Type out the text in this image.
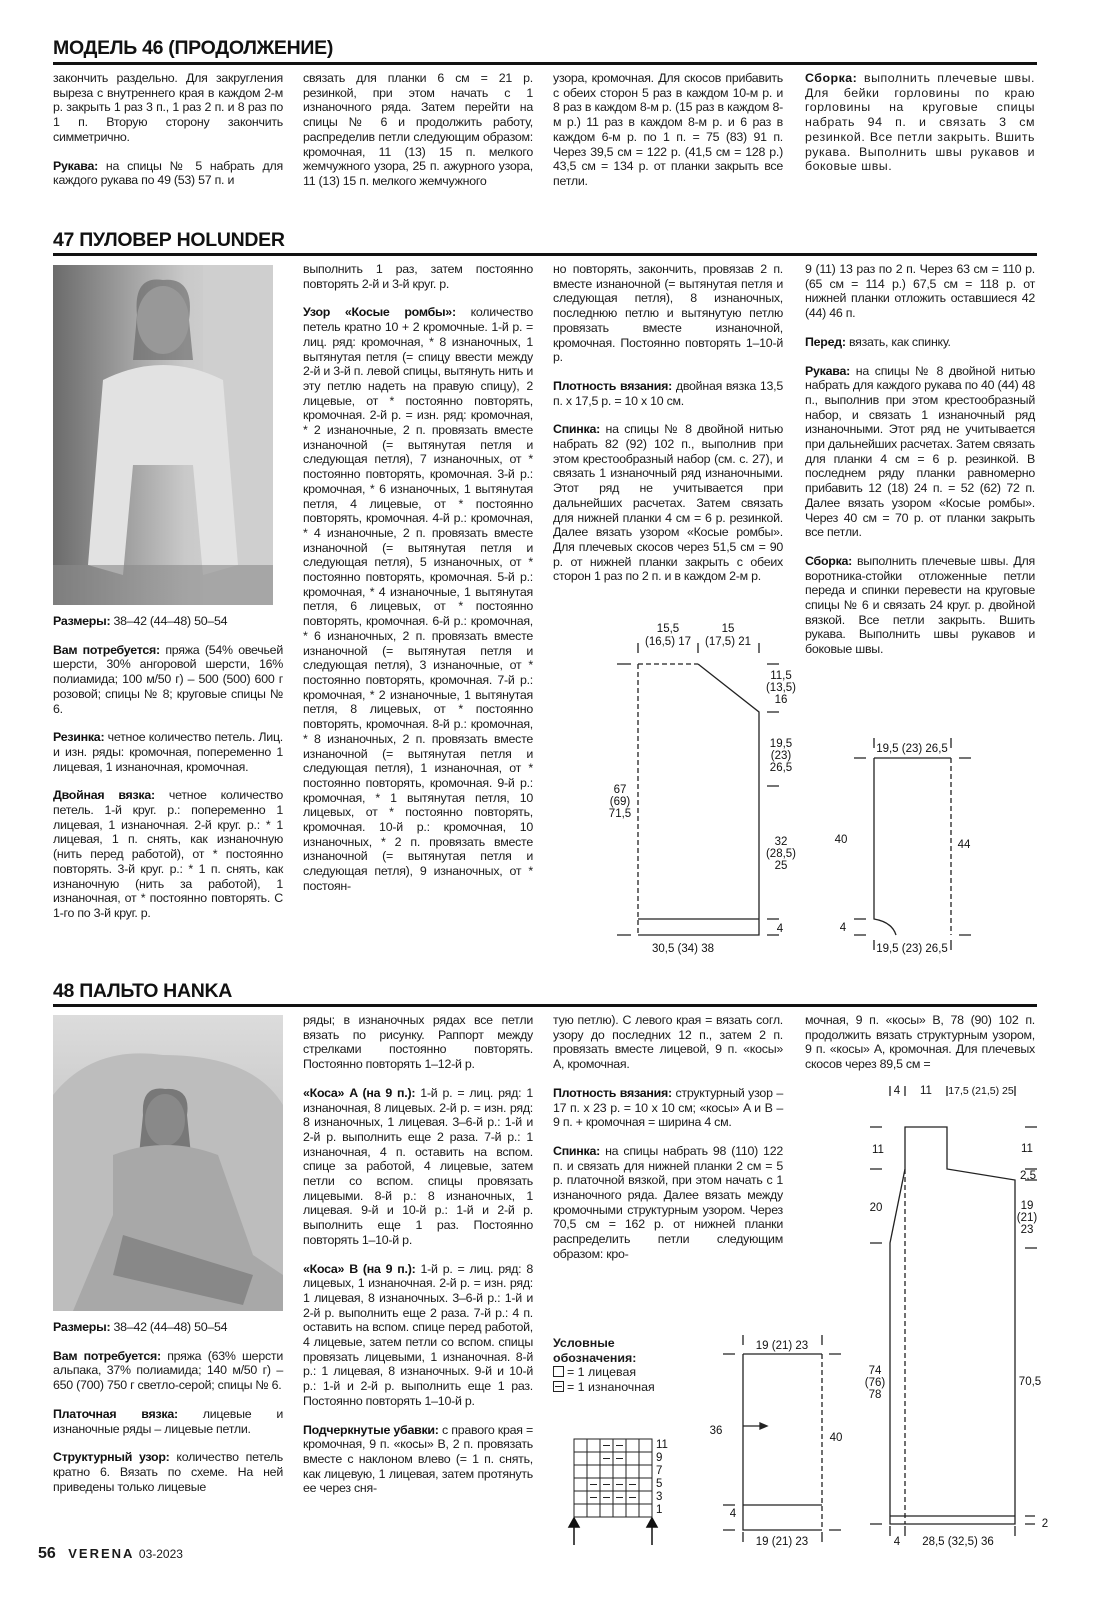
МОДЕЛЬ 46 (ПРОДОЛЖЕНИЕ)

закончить раздельно. Для закругления выреза с внутреннего края в каждом 2-м р. закрыть 1 раз 3 п., 1 раз 2 п. и 8 раз по 1 п. Вторую сторону закончить симметрично.

Рукава: на спицы № 5 набрать для каждого рукава по 49 (53) 57 п. и

связать для планки 6 см = 21 р. резинкой, при этом начать с 1 изнаночного ряда. Затем перейти на спицы № 6 и продолжить работу, распределив петли следующим образом: кромочная, 11 (13) 15 п. мелкого жемчужного узора, 25 п. ажурного узора, 11 (13) 15 п. мелкого жемчужного

узора, кромочная. Для скосов прибавить с обеих сторон 5 раз в каждом 10-м р. и 8 раз в каждом 8-м р. (15 раз в каждом 8-м р.) 11 раз в каждом 8-м р. и 6 раз в каждом 6-м р. по 1 п. = 75 (83) 91 п. Через 39,5 см = 122 р. (41,5 см = 128 р.) 43,5 см = 134 р. от планки закрыть все петли.

Сборка: выполнить плечевые швы. Для бейки горловины по краю горловины на круговые спицы набрать 94 п. и связать 3 см резинкой. Все петли закрыть. Вшить рукава. Выполнить швы рукавов и боковые швы.

47 ПУЛОВЕР HOLUNDER

Размеры: 38–42 (44–48) 50–54

Вам потребуется: пряжа (54% овечьей шерсти, 30% ангоровой шерсти, 16% полиамида; 100 м/50 г) – 500 (500) 600 г розовой; спицы № 8; круговые спицы № 6.

Резинка: четное количество петель. Лиц. и изн. ряды: кромочная, попеременно 1 лицевая, 1 изнаночная, кромочная.

Двойная вязка: четное количество петель. 1-й круг. р.: попеременно 1 лицевая, 1 изнаночная. 2-й круг. р.: * 1 лицевая, 1 п. снять, как изнаночную (нить перед работой), от * постоянно повторять. 3-й круг. р.: * 1 п. снять, как изнаночную (нить за работой), 1 изнаночная, от * постоянно повторять. С 1-го по 3-й круг. р.

выполнить 1 раз, затем постоянно повторять 2-й и 3-й круг. р.

Узор «Косые ромбы»: количество петель кратно 10 + 2 кромочные. 1-й р. = лиц. ряд: кромочная, * 8 изнаночных, 1 вытянутая петля (= спицу ввести между 2-й и 3-й п. левой спицы, вытянуть нить и эту петлю надеть на правую спицу), 2 лицевые, от * постоянно повторять, кромочная. 2-й р. = изн. ряд: кромочная, * 2 изнаночные, 2 п. провязать вместе изнаночной (= вытянутая петля и следующая петля), 7 изнаночных, от * постоянно повторять, кромочная. 3-й р.: кромочная, * 6 изнаночных, 1 вытянутая петля, 4 лицевые, от * постоянно повторять, кромочная. 4-й р.: кромочная, * 4 изнаночные, 2 п. провязать вместе изнаночной (= вытянутая петля и следующая петля), 5 изнаночных, от * постоянно повторять, кромочная. 5-й р.: кромочная, * 4 изнаночные, 1 вытянутая петля, 6 лицевых, от * постоянно повторять, кромочная. 6-й р.: кромочная, * 6 изнаночных, 2 п. провязать вместе изнаночной (= вытянутая петля и следующая петля), 3 изнаночные, от * постоянно повторять, кромочная. 7-й р.: кромочная, * 2 изнаночные, 1 вытянутая петля, 8 лицевых, от * постоянно повторять, кромочная. 8-й р.: кромочная, * 8 изнаночных, 2 п. провязать вместе изнаночной (= вытянутая петля и следующая петля), 1 изнаночная, от * постоянно повторять, кромочная. 9-й р.: кромочная, * 1 вытянутая петля, 10 лицевых, от * постоянно повторять, кромочная. 10-й р.: кромочная, 10 изнаночных, * 2 п. провязать вместе изнаночной (= вытянутая петля и следующая петля), 9 изнаночных, от * постоян-

но повторять, закончить, провязав 2 п. вместе изнаночной (= вытянутая петля и следующая петля), 8 изнаночных, последнюю петлю и вытянутую петлю провязать вместе изнаночной, кромочная. Постоянно повторять 1–10-й р.

Плотность вязания: двойная вязка 13,5 п. x 17,5 р. = 10 x 10 см.

Спинка: на спицы № 8 двойной нитью набрать 82 (92) 102 п., выполнив при этом крестообразный набор (см. с. 27), и связать 1 изнаночный ряд изнаночными. Этот ряд не учитывается при дальнейших расчетах. Затем связать для нижней планки 4 см = 6 р. резинкой. Далее вязать узором «Косые ромбы». Для плечевых скосов через 51,5 см = 90 р. от нижней планки закрыть с обеих сторон 1 раз по 2 п. и в каждом 2-м р.

9 (11) 13 раз по 2 п. Через 63 см = 110 р. (65 см = 114 р.) 67,5 см = 118 р. от нижней планки отложить оставшиеся 42 (44) 46 п.

Перед: вязать, как спинку.

Рукава: на спицы № 8 двойной нитью набрать для каждого рукава по 40 (44) 48 п., выполнив при этом крестообразный набор, и связать 1 изнаночный ряд изнаночными. Этот ряд не учитывается при дальнейших расчетах. Затем связать для планки 4 см = 6 р. резинкой. В последнем ряду планки равномерно прибавить 12 (18) 24 п. = 52 (62) 72 п. Далее вязать узором «Косые ромбы». Через 40 см = 70 р. от планки закрыть все петли.

Сборка: выполнить плечевые швы. Для воротника-стойки отложенные петли переда и спинки перевести на круговые спицы № 6 и связать 24 круг. р. двойной вязкой. Все петли закрыть. Вшить рукава. Выполнить швы рукавов и боковые швы.

48 ПАЛЬТО HANKA

Размеры: 38–42 (44–48) 50–54

Вам потребуется: пряжа (63% шерсти альпака, 37% полиамида; 140 м/50 г) – 650 (700) 750 г светло-серой; спицы № 6.

Платочная вязка: лицевые и изнаночные ряды – лицевые петли.

Структурный узор: количество петель кратно 6. Вязать по схеме. На ней приведены только лицевые

ряды; в изнаночных рядах все петли вязать по рисунку. Раппорт между стрелками постоянно повторять. Постоянно повторять 1–12-й р.

«Коса» A (на 9 п.): 1-й р. = лиц. ряд: 1 изнаночная, 8 лицевых. 2-й р. = изн. ряд: 8 изнаночных, 1 лицевая. 3–6-й р.: 1-й и 2-й р. выполнить еще 2 раза. 7-й р.: 1 изнаночная, 4 п. оставить на вспом. спице за работой, 4 лицевые, затем петли со вспом. спицы провязать лицевыми. 8-й р.: 8 изнаночных, 1 лицевая. 9-й и 10-й р.: 1-й и 2-й р. выполнить еще 1 раз. Постоянно повторять 1–10-й р.

«Коса» B (на 9 п.): 1-й р. = лиц. ряд: 8 лицевых, 1 изнаночная. 2-й р. = изн. ряд: 1 лицевая, 8 изнаночных. 3–6-й р.: 1-й и 2-й р. выполнить еще 2 раза. 7-й р.: 4 п. оставить на вспом. спице перед работой, 4 лицевые, затем петли со вспом. спицы провязать лицевыми, 1 изнаночная. 8-й р.: 1 лицевая, 8 изнаночных. 9-й и 10-й р.: 1-й и 2-й р. выполнить еще 1 раз. Постоянно повторять 1–10-й р.

Подчеркнутые убавки: с правого края = кромочная, 9 п. «косы» B, 2 п. провязать вместе с наклоном влево (= 1 п. снять, как лицевую, 1 лицевая, затем протянуть ее через сня-

тую петлю). С левого края = вязать согл. узору до последних 12 п., затем 2 п. провязать вместе лицевой, 9 п. «косы» A, кромочная.

Плотность вязания: структурный узор – 17 п. x 23 р. = 10 x 10 см; «косы» A и B – 9 п. + кромочная = ширина 4 см.

Спинка: на спицы набрать 98 (110) 122 п. и связать для нижней планки 2 см = 5 р. платочной вязкой, при этом начать с 1 изнаночного ряда. Далее вязать между кромочными структурным узором. Через 70,5 см = 162 р. от нижней планки распределить петли следующим образом: кро-

мочная, 9 п. «косы» B, 78 (90) 102 п. продолжить вязать структурным узором, 9 п. «косы» A, кромочная. Для плечевых скосов через 89,5 см =

Условные
обозначения:
= 1 лицевая
= 1 изнаночная
15,5
(16,5) 17
15
(17,5) 21
11,5
(13,5)
16
19,5
(23)
26,5
32
(28,5)
25
4
67
(69)
71,5
30,5 (34) 38
19,5 (23) 26,5
40	44
4
19,5 (23) 26,5
11
9
7
5
3
1
19 (21) 23
36
40
4
19 (21) 23
4 11 17,5 (21,5) 25
11
20
74
(76)
78
11
2,5
19
(21)
23
70,5
2
4 28,5 (32,5) 36
56 VERENA 03-2023
